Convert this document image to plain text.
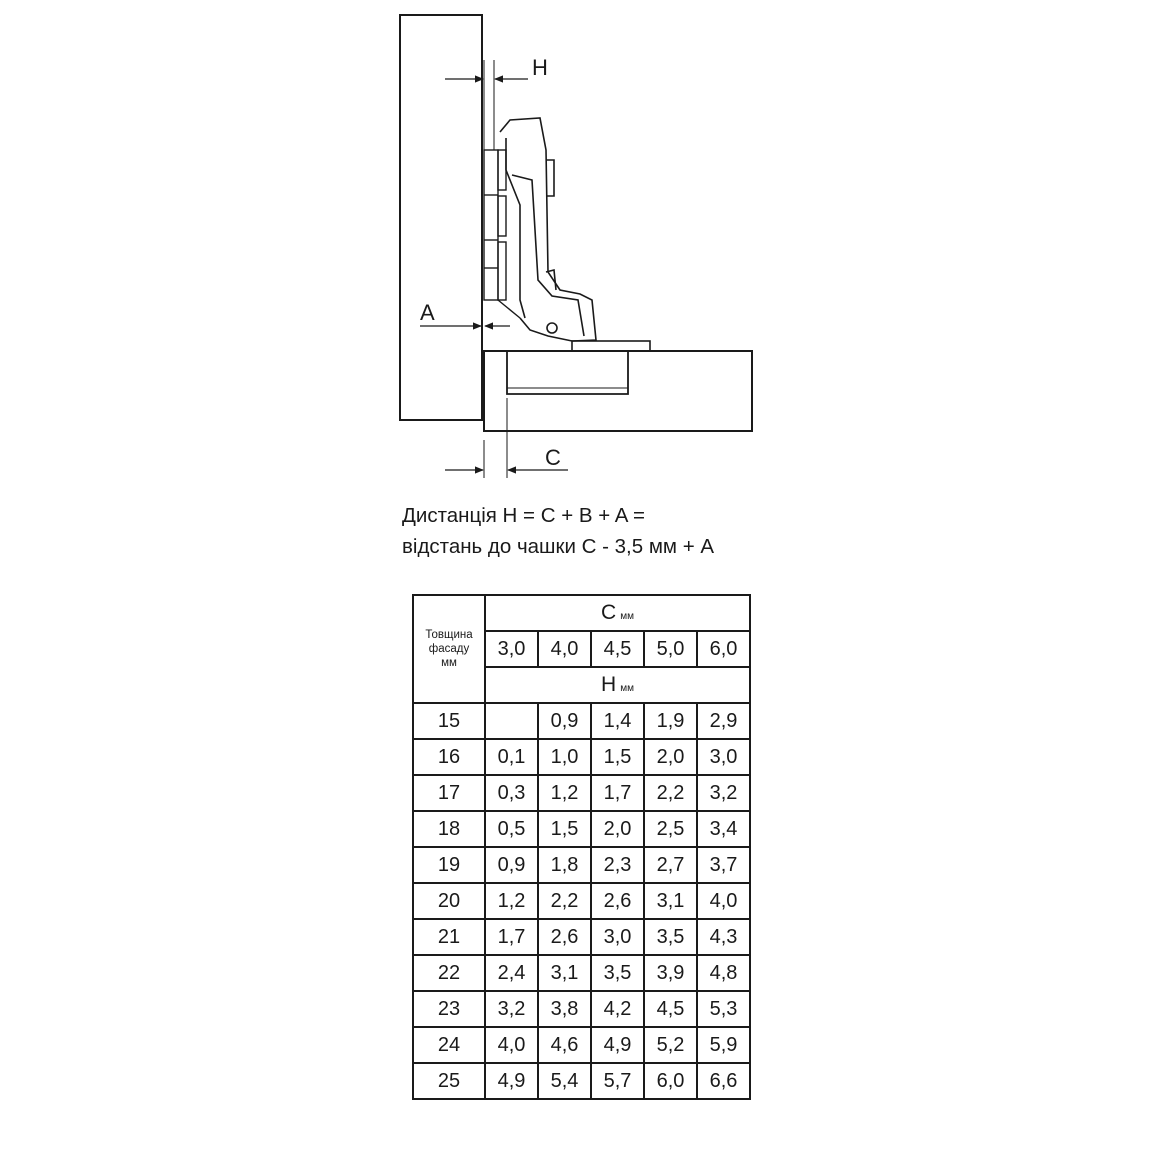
H
A
C
Дистанція H = C + B + A =
відстань до чашки С - 3,5 мм + А
Товщина
фасаду
мм	С мм				
	3,0	4,0	4,5	5,0	6,0
	Н мм				
15		0,9	1,4	1,9	2,9
16	0,1	1,0	1,5	2,0	3,0
17	0,3	1,2	1,7	2,2	3,2
18	0,5	1,5	2,0	2,5	3,4
19	0,9	1,8	2,3	2,7	3,7
20	1,2	2,2	2,6	3,1	4,0
21	1,7	2,6	3,0	3,5	4,3
22	2,4	3,1	3,5	3,9	4,8
23	3,2	3,8	4,2	4,5	5,3
24	4,0	4,6	4,9	5,2	5,9
25	4,9	5,4	5,7	6,0	6,6
